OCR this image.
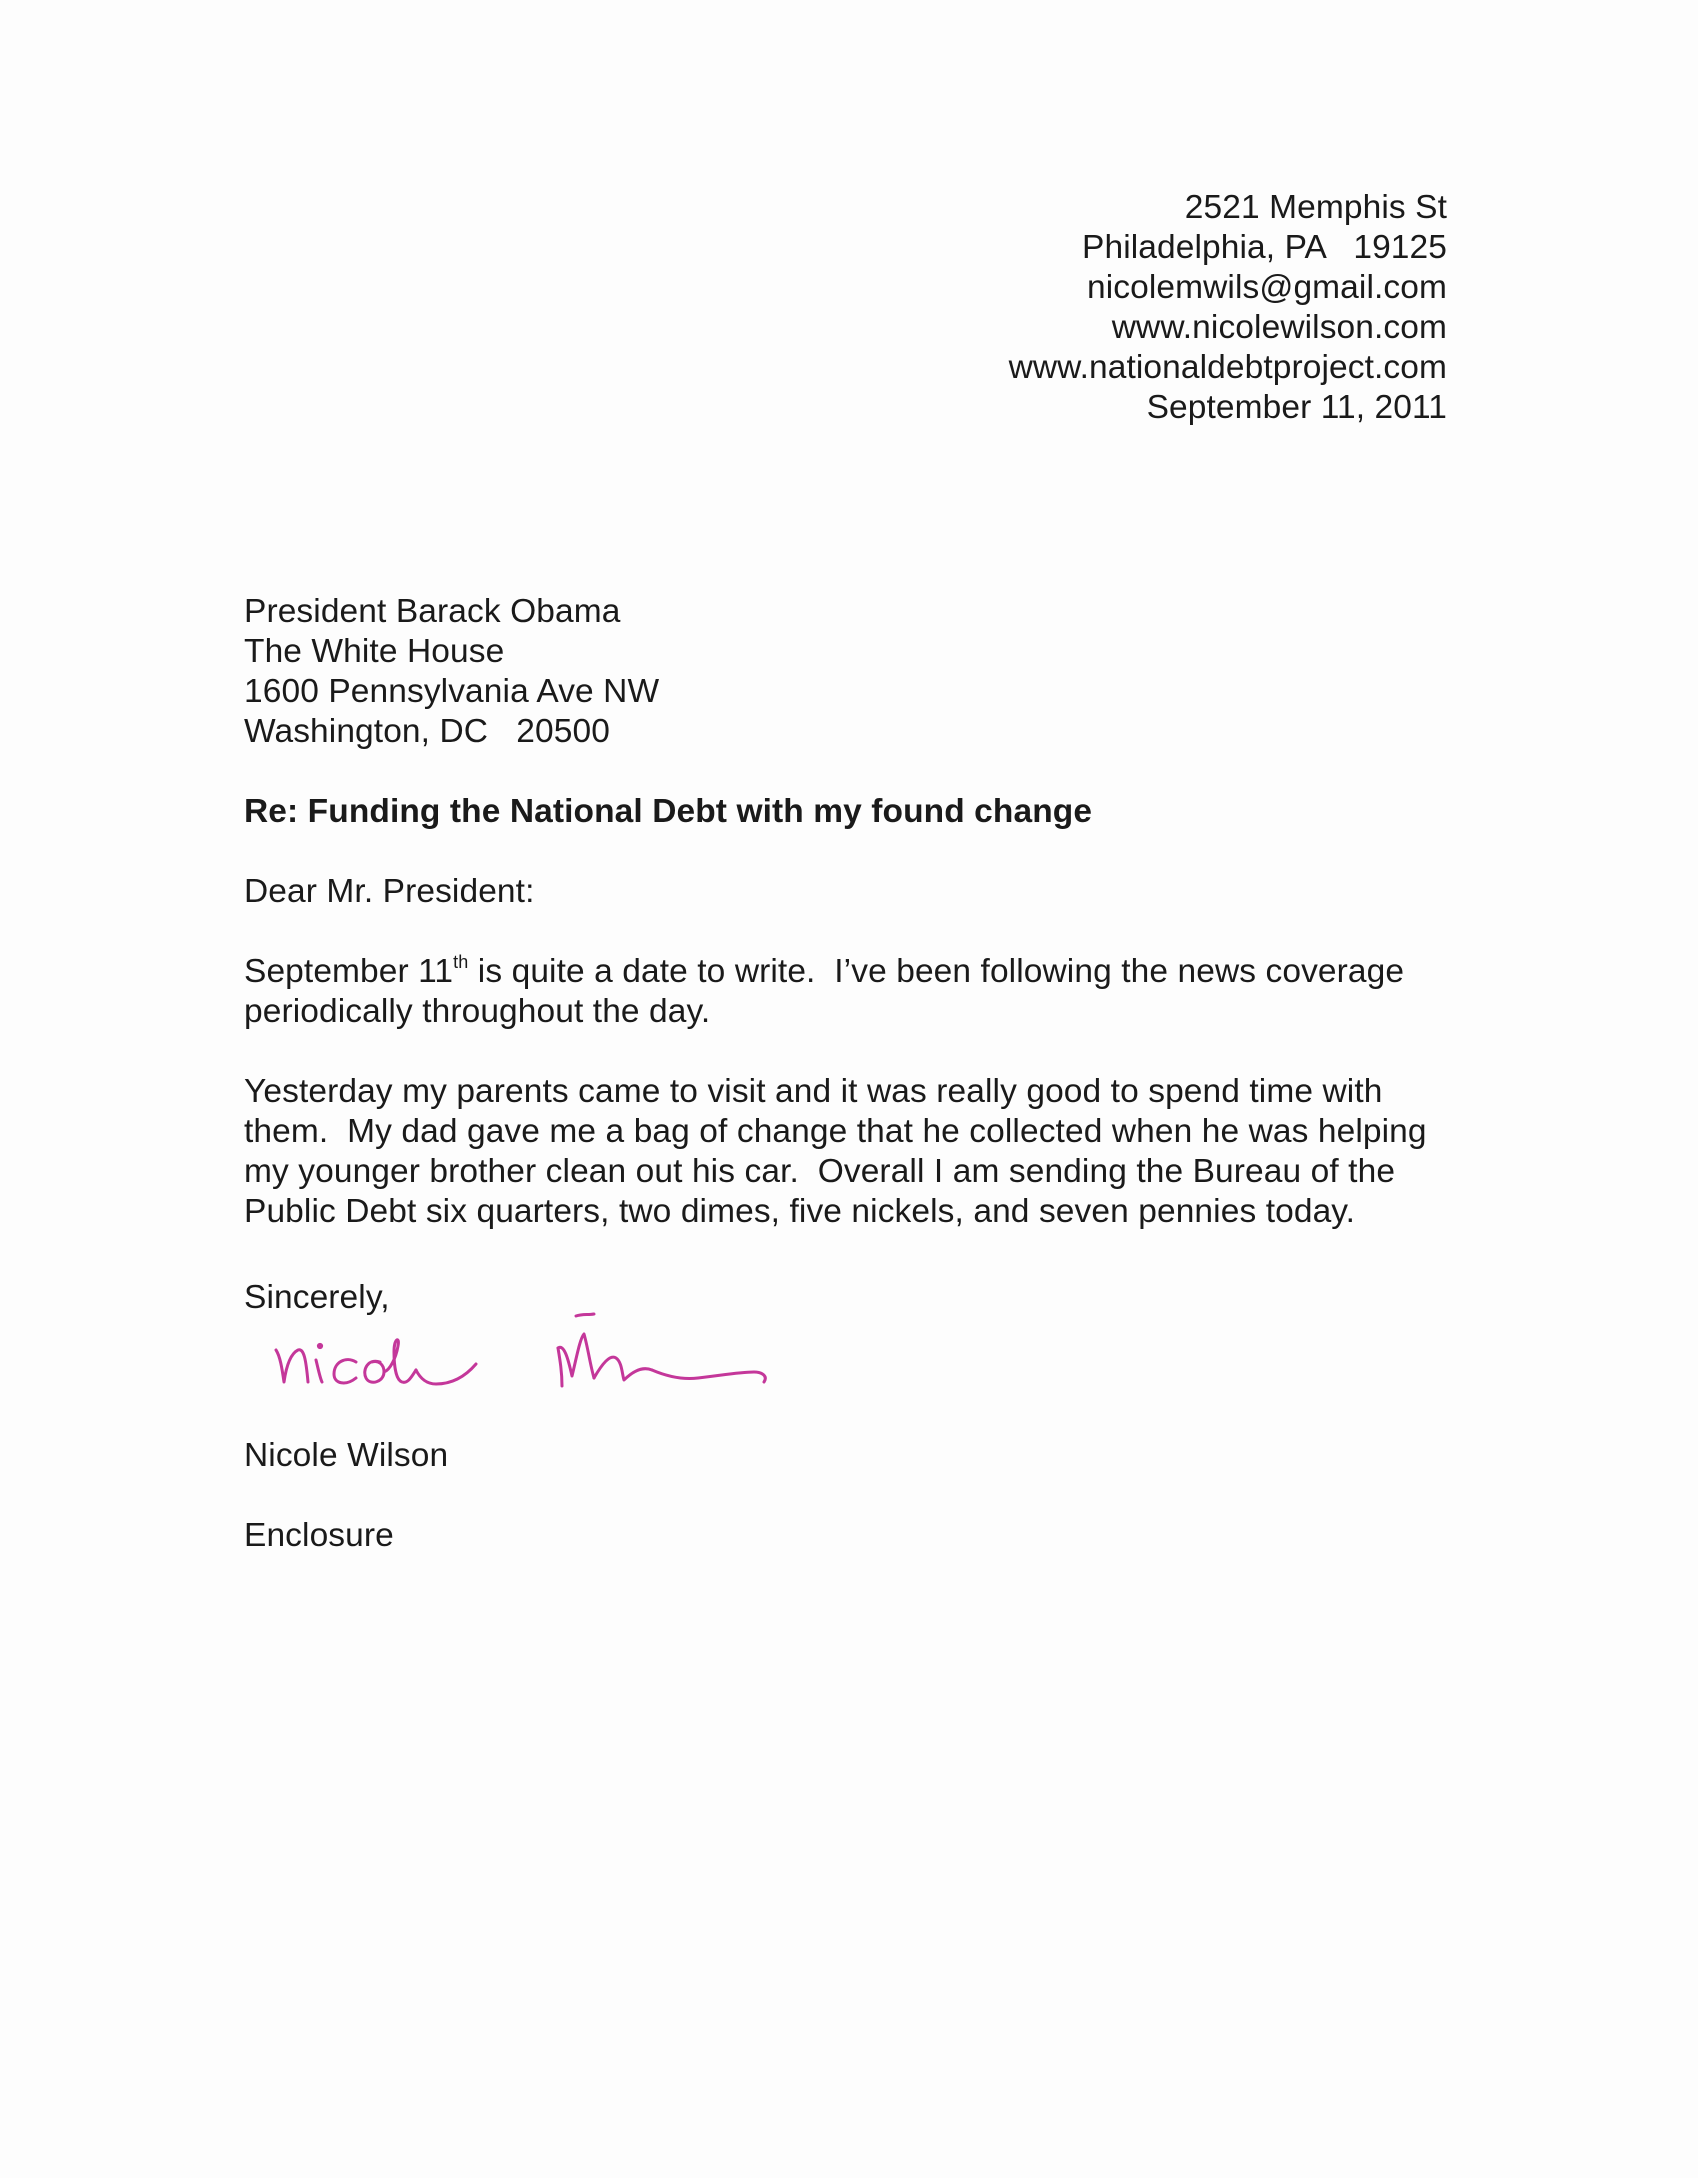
2521 Memphis St
Philadelphia, PA   19125
nicolemwils@gmail.com
www.nicolewilson.com
www.nationaldebtproject.com
September 11, 2011
President Barack Obama
The White House
1600 Pennsylvania Ave NW
Washington, DC   20500
Re: Funding the National Debt with my found change
Dear Mr. President:
September 11th is quite a date to write.  I’ve been following the news coverage
periodically throughout the day.
Yesterday my parents came to visit and it was really good to spend time with
them.  My dad gave me a bag of change that he collected when he was helping
my younger brother clean out his car.  Overall I am sending the Bureau of the
Public Debt six quarters, two dimes, five nickels, and seven pennies today.
Sincerely,
Nicole Wilson
Enclosure
